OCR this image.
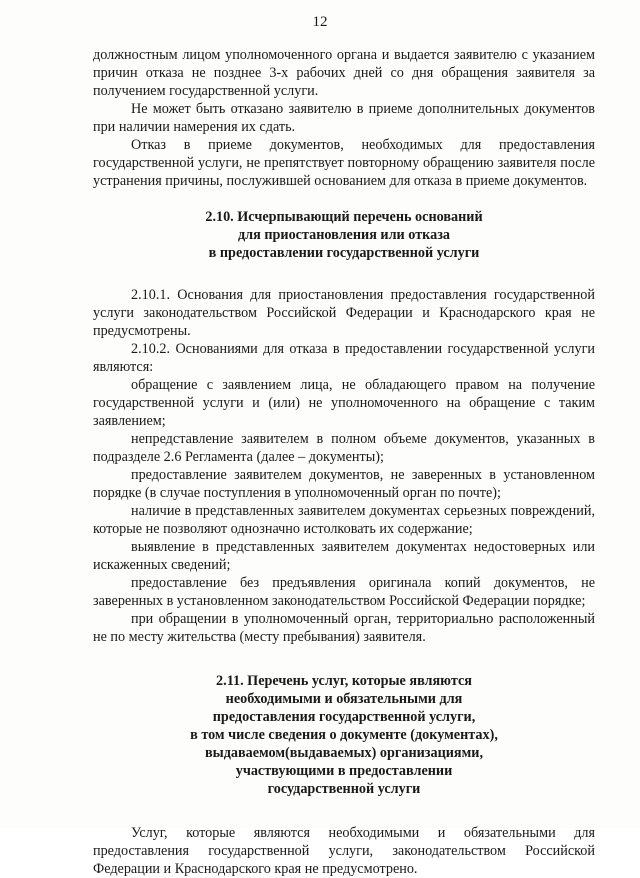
12

должностным лицом уполномоченного органа и выдается заявителю с указанием причин отказа не позднее 3-х рабочих дней со дня обращения заявителя за получением государственной услуги.

Не может быть отказано заявителю в приеме дополнительных документов при наличии намерения их сдать.

Отказ в приеме документов, необходимых для предоставления государственной услуги, не препятствует повторному обращению заявителя после устранения причины, послужившей основанием для отказа в приеме документов.

2.10. Исчерпывающий перечень оснований
для приостановления или отказа
в предоставлении государственной услуги

2.10.1. Основания для приостановления предоставления государственной услуги законодательством Российской Федерации и Краснодарского края не предусмотрены.

2.10.2. Основаниями для отказа в предоставлении государственной услуги являются:

обращение с заявлением лица, не обладающего правом на получение государственной услуги и (или) не уполномоченного на обращение с таким заявлением;

непредставление заявителем в полном объеме документов, указанных в подразделе 2.6 Регламента (далее – документы);

предоставление заявителем документов, не заверенных в установленном порядке (в случае поступления в уполномоченный орган по почте);

наличие в представленных заявителем документах серьезных повреждений, которые не позволяют однозначно истолковать их содержание;

выявление в представленных заявителем документах недостоверных или искаженных сведений;

предоставление без предъявления оригинала копий документов, не заверенных в установленном законодательством Российской Федерации порядке;

при обращении в уполномоченный орган, территориально расположенный не по месту жительства (месту пребывания) заявителя.

2.11. Перечень услуг, которые являются
необходимыми и обязательными для
предоставления государственной услуги,
в том числе сведения о документе (документах),
выдаваемом(выдаваемых) организациями,
участвующими в предоставлении
государственной услуги

Услуг, которые являются необходимыми и обязательными для предоставления государственной услуги, законодательством Российской Федерации и Краснодарского края не предусмотрено.
